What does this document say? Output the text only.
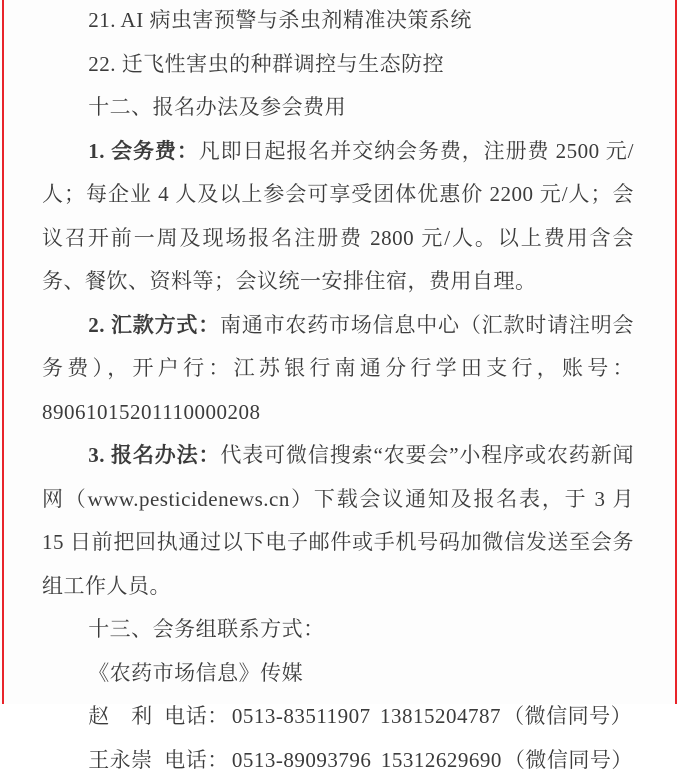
21. AI 病虫害预警与杀虫剂精准决策系统

22. 迁飞性害虫的种群调控与生态防控

十二、报名办法及参会费用

1. 会务费：凡即日起报名并交纳会务费，注册费 2500 元/人；每企业 4 人及以上参会可享受团体优惠价 2200 元/人；会议召开前一周及现场报名注册费 2800 元/人。以上费用含会务、餐饮、资料等；会议统一安排住宿，费用自理。

2. 汇款方式：南通市农药市场信息中心（汇款时请注明会务费），开户行：江苏银行南通分行学田支行，账号：89061015201110000208

3. 报名办法：代表可微信搜索“农要会”小程序或农药新闻网（www.pesticidenews.cn）下载会议通知及报名表，于 3 月 15 日前把回执通过以下电子邮件或手机号码加微信发送至会务组工作人员。

十三、会务组联系方式：

《农药市场信息》传媒

赵　利 电话： 0513-83511907 13815204787（微信同号）

王永崇 电话： 0513-89093796 15312629690（微信同号）
